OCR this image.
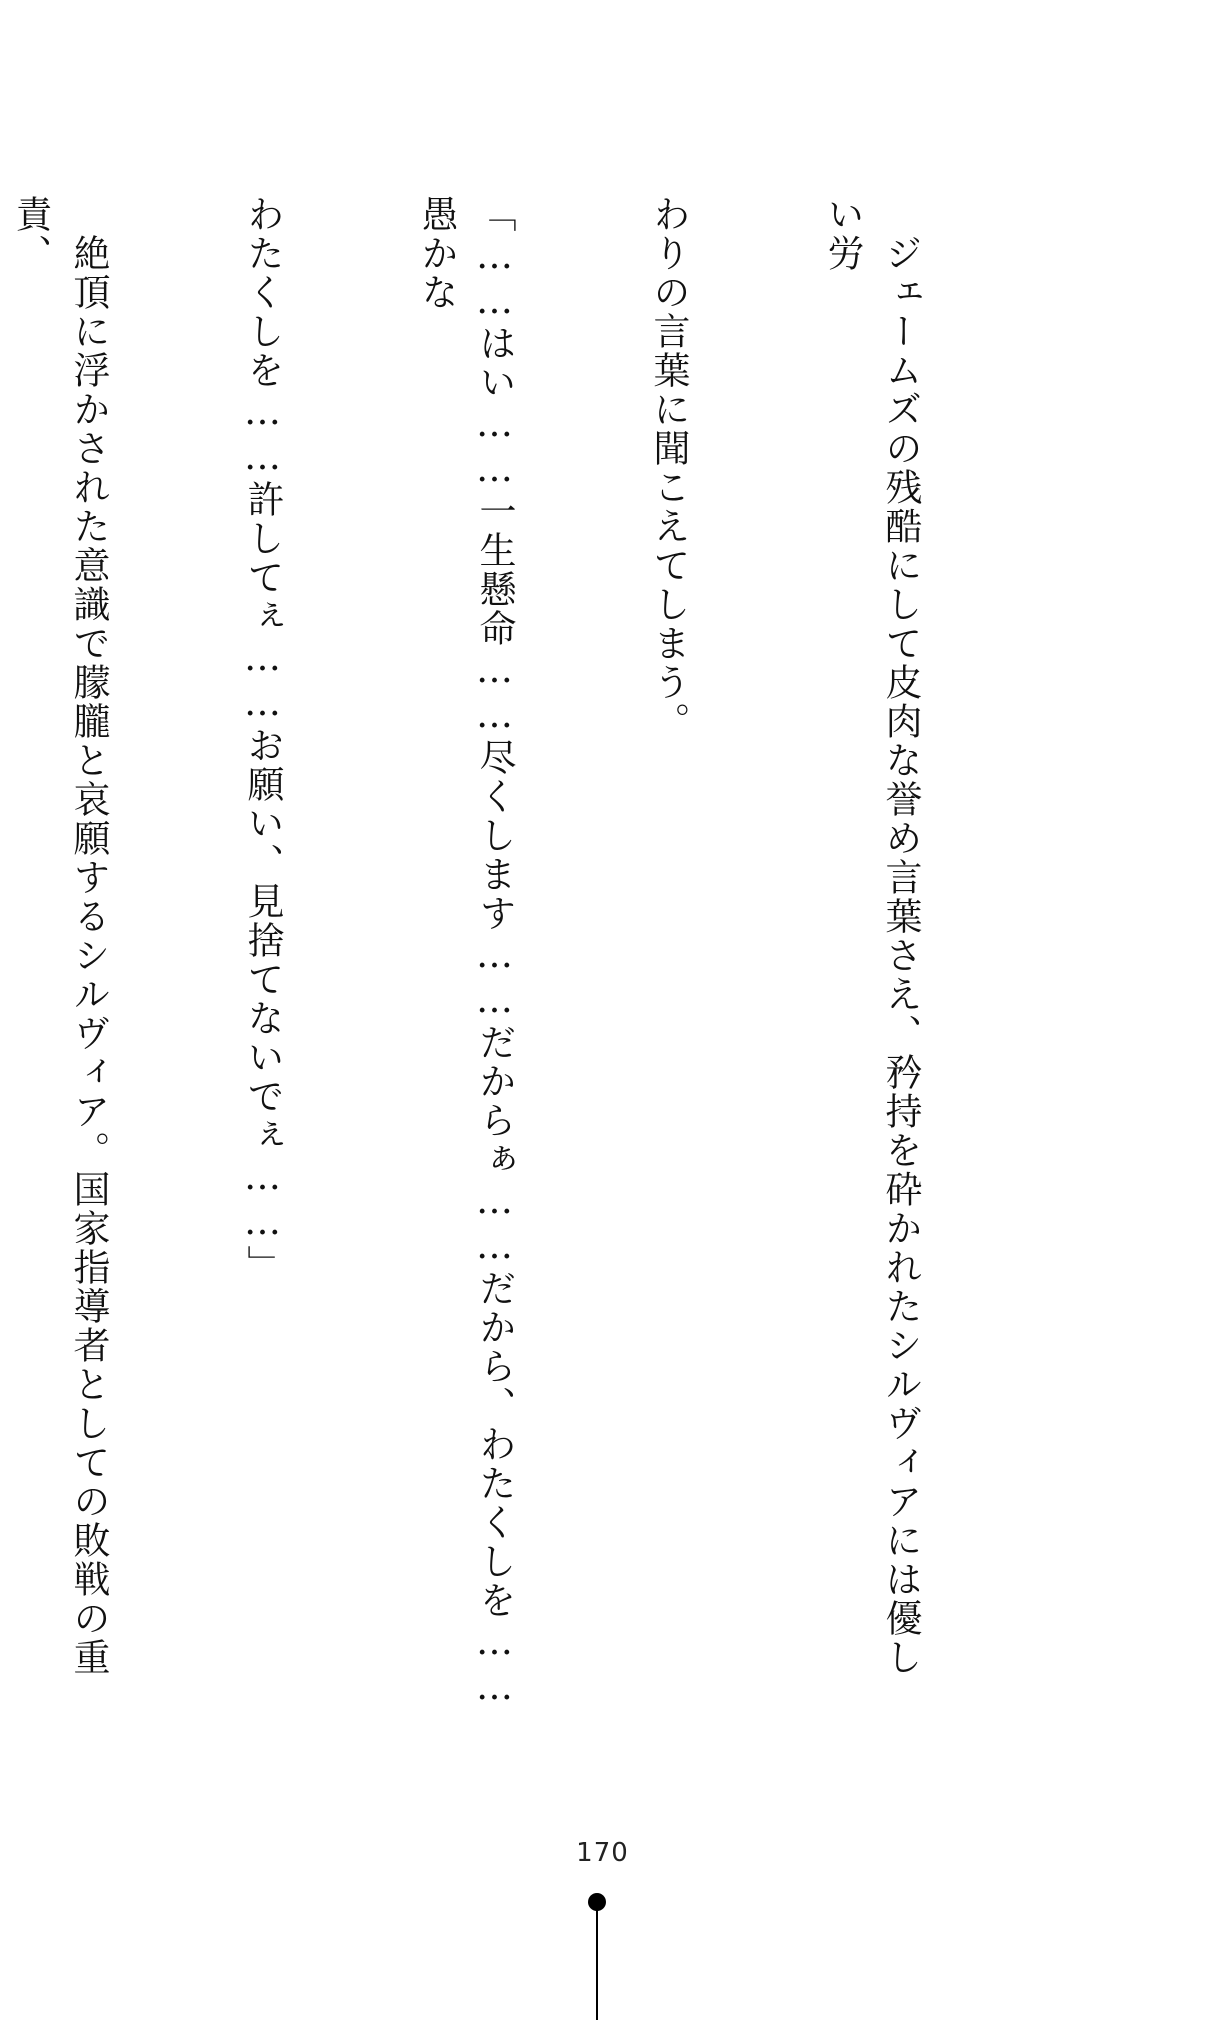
　ジェームズの残酷にして皮肉な誉め言葉さえ、矜持を砕かれたシルヴィアには優しい労

わりの言葉に聞こえてしまう。

「……はい……一生懸命……尽くします……だからぁ……だから、わたくしを……愚かな

わたくしを……許してぇ……お願い、見捨てないでぇ……」

　絶頂に浮かされた意識で朦朧と哀願するシルヴィア。国家指導者としての敗戦の重責、

170
